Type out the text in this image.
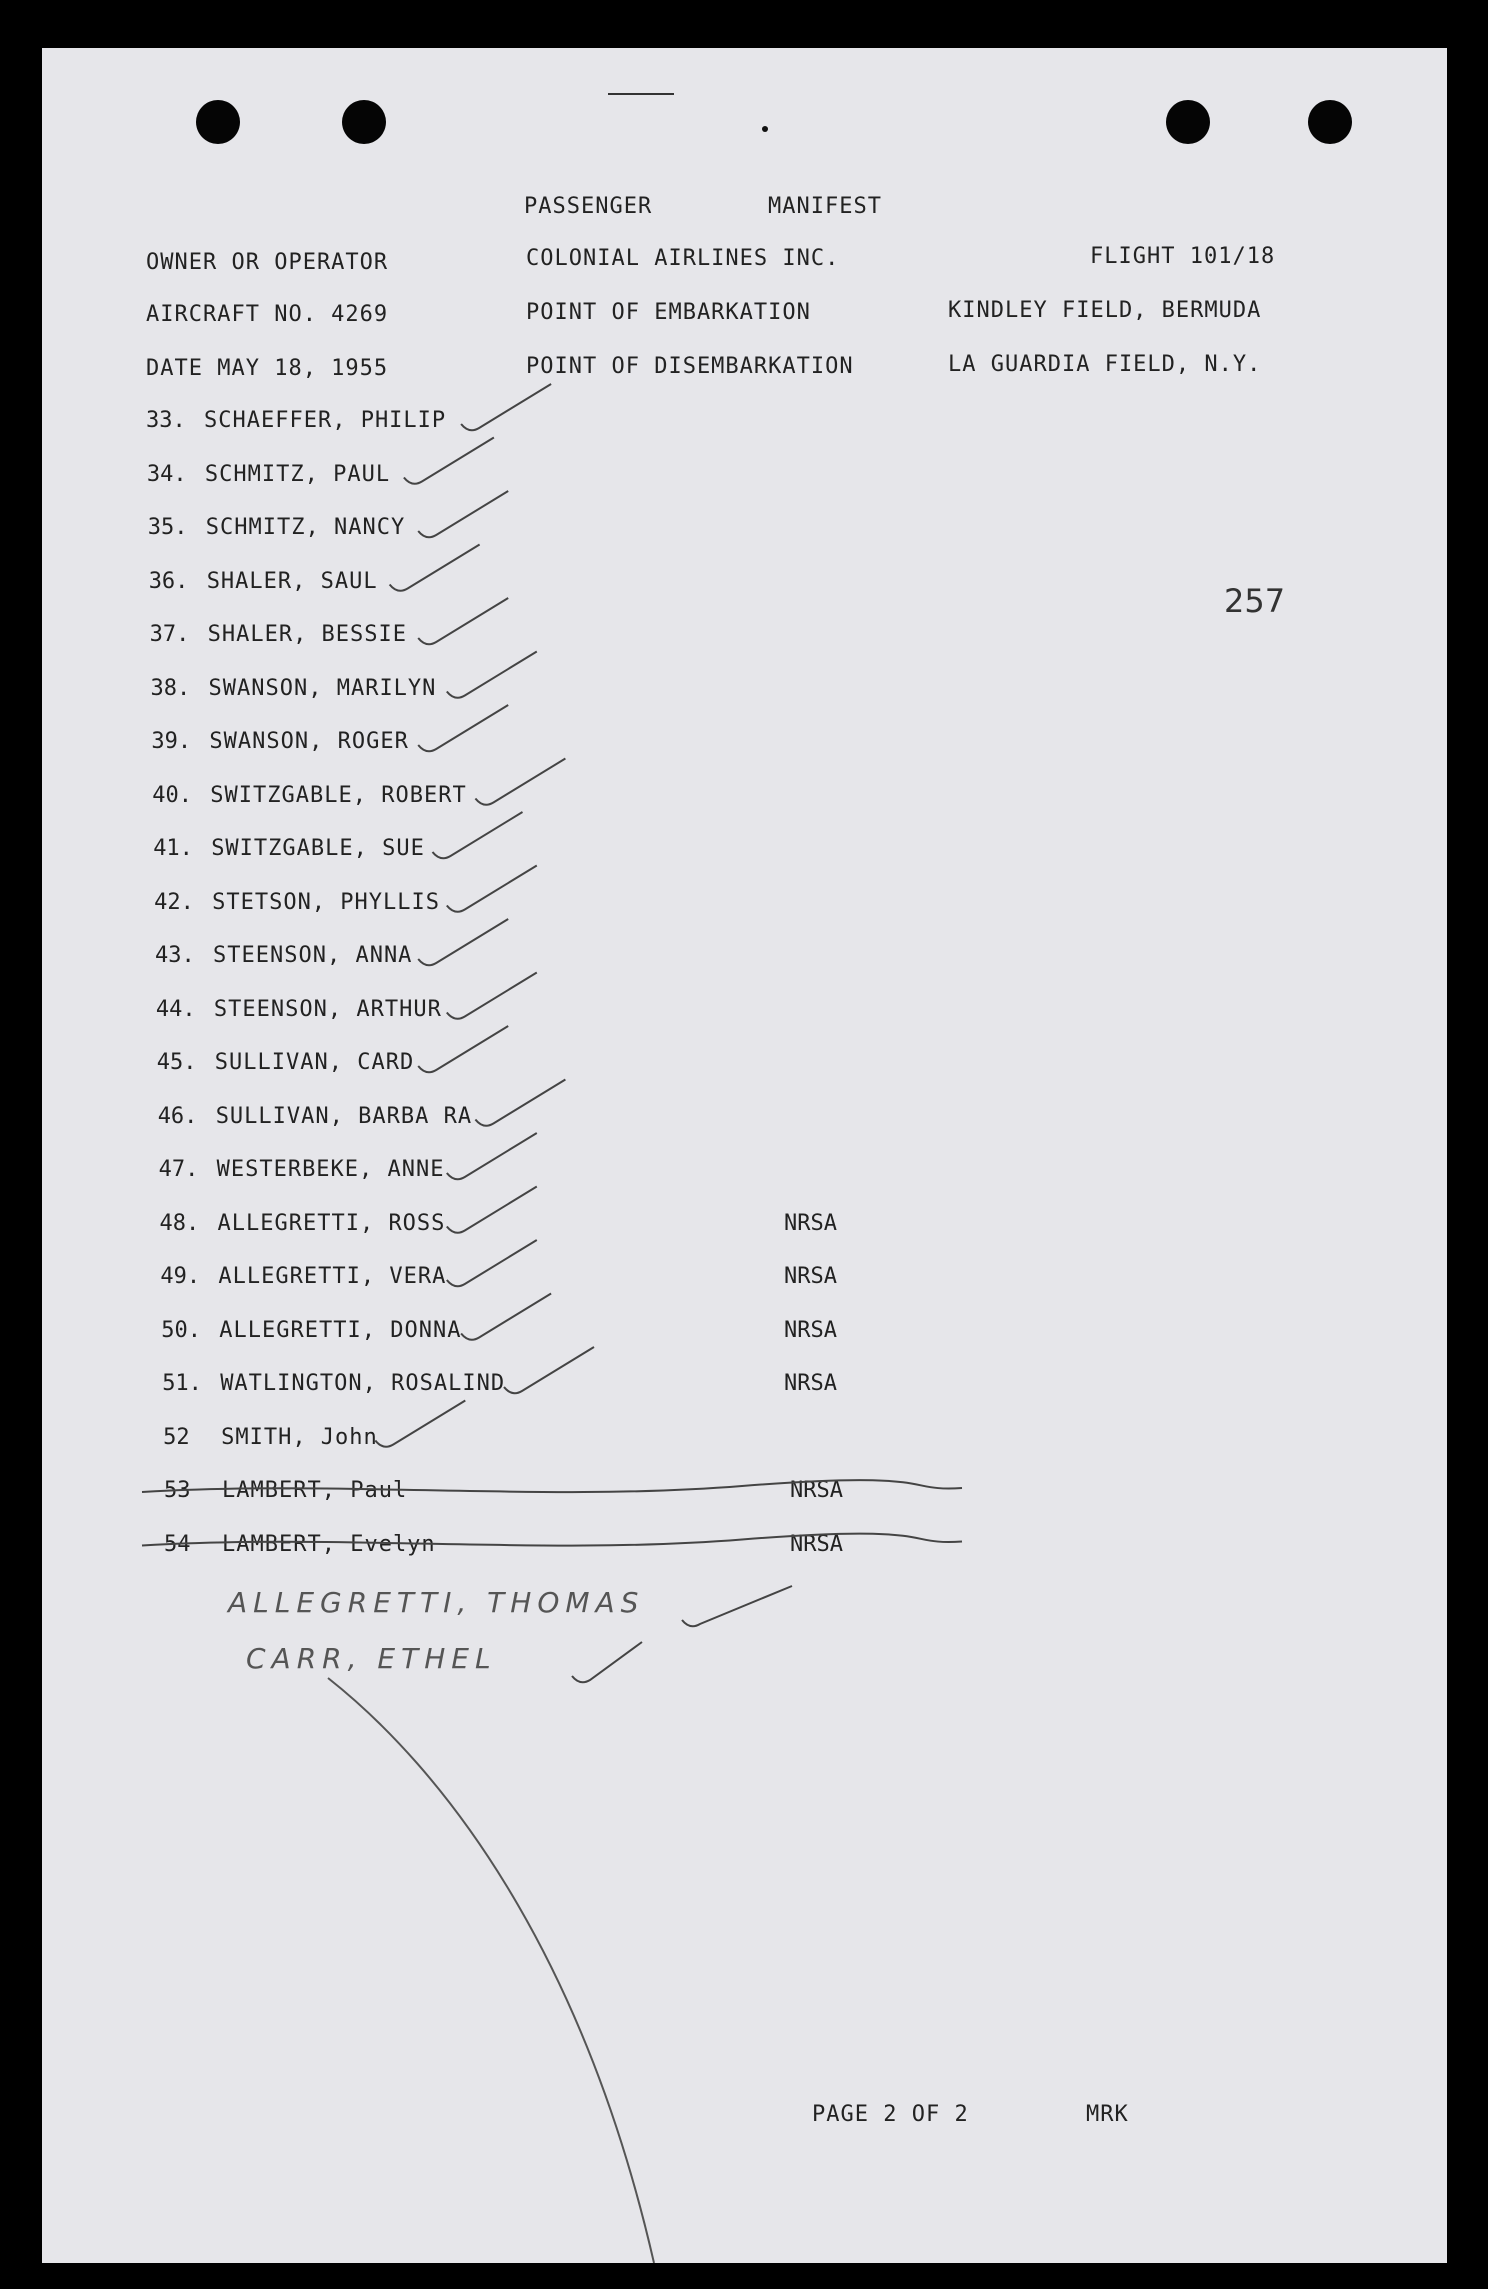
PASSENGER	MANIFEST
OWNER OR OPERATOR	COLONIAL AIRLINES INC.	FLIGHT 101/18
AIRCRAFT NO. 4269	POINT OF EMBARKATION	KINDLEY FIELD, BERMUDA
DATE MAY 18, 1955	POINT OF DISEMBARKATION	LA GUARDIA FIELD, N.Y.
257
33. SCHAEFFER, PHILIP
34. SCHMITZ, PAUL
35. SCHMITZ, NANCY
36. SHALER, SAUL
37. SHALER, BESSIE
38. SWANSON, MARILYN
39. SWANSON, ROGER
40. SWITZGABLE, ROBERT
41. SWITZGABLE, SUE
42. STETSON, PHYLLIS
43. STEENSON, ANNA
44. STEENSON, ARTHUR
45. SULLIVAN, CARD
46. SULLIVAN, BARBA RA
47. WESTERBEKE, ANNE
48. ALLEGRETTI, ROSS	NRSA
49. ALLEGRETTI, VERA	NRSA
50. ALLEGRETTI, DONNA	NRSA
51. WATLINGTON, ROSALIND	NRSA
52 SMITH, John
53 LAMBERT, Paul	NRSA
54 LAMBERT, Evelyn	NRSA
ALLEGRETTI, THOMAS
CARR, ETHEL
PAGE 2 OF 2	MRK
